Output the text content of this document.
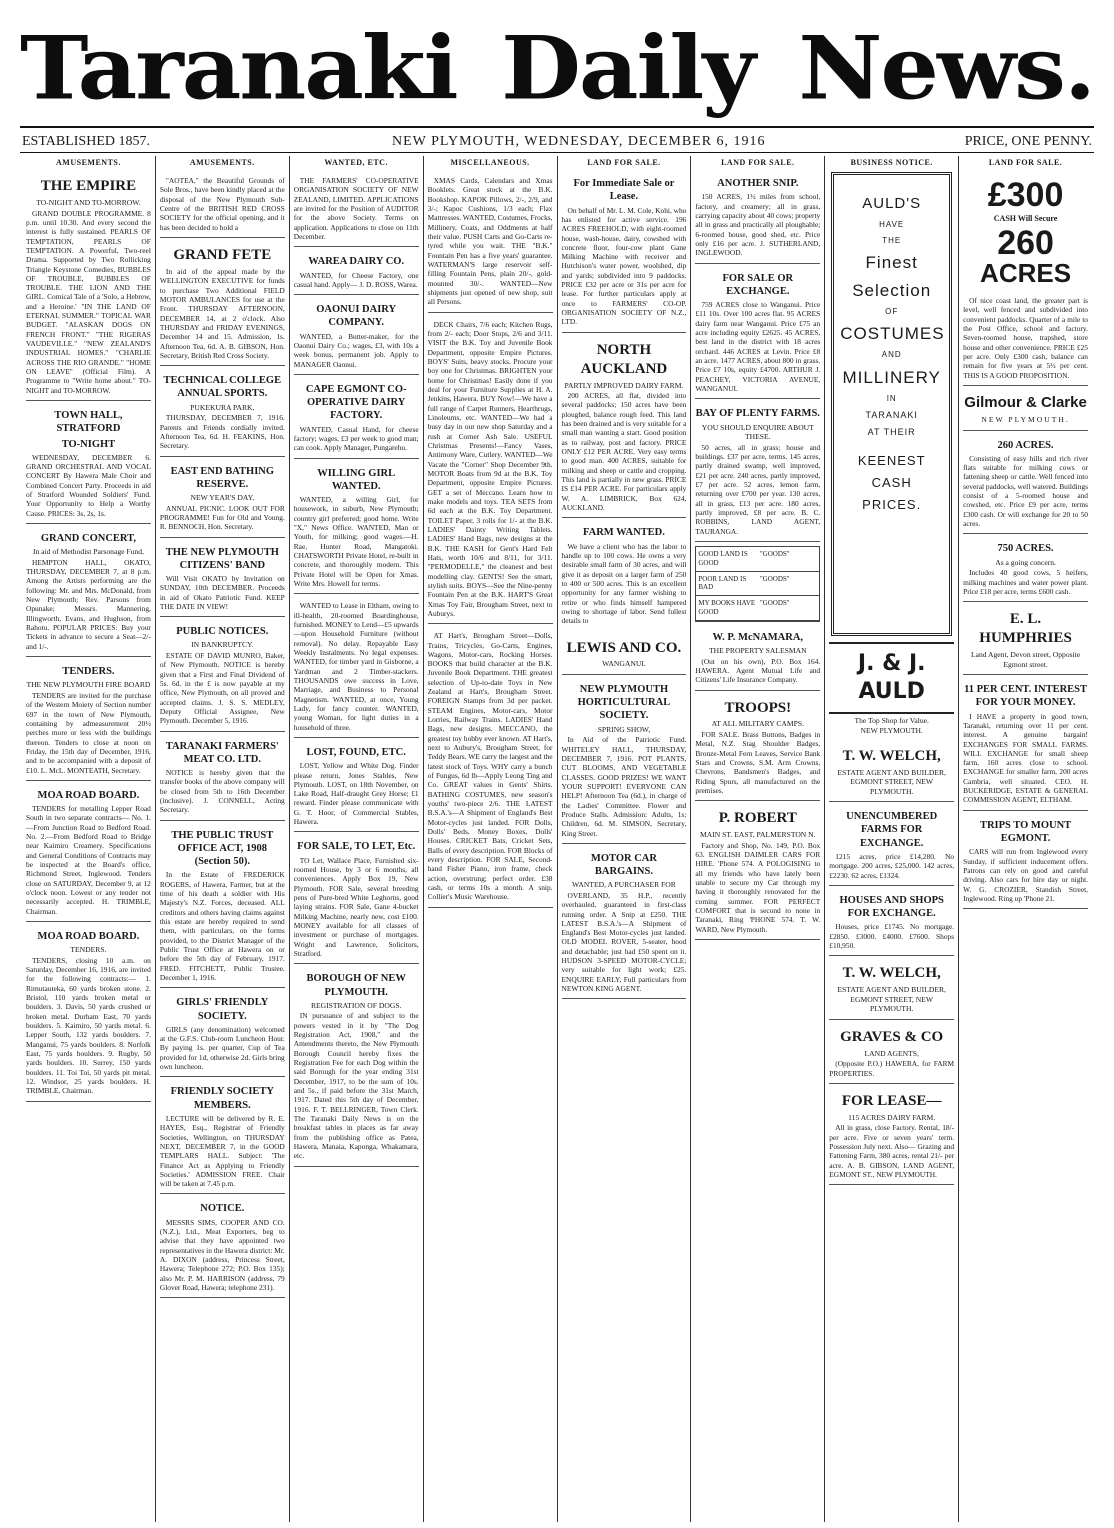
Taranaki Daily News.
ESTABLISHED 1857.	NEW PLYMOUTH, WEDNESDAY, DECEMBER 6, 1916	PRICE, ONE PENNY.
AMUSEMENTS.
THE EMPIRE
TO-NIGHT AND TO-MORROW.

GRAND DOUBLE PROGRAMME. 8 p.m. until 10.30. And every second the interest is fully sustained. PEARLS OF TEMPTATION, PEARLS OF TEMPTATION. A Powerful, Two-reel Drama. Supported by Two Rollicking Triangle Keystone Comedies, BUBBLES OF TROUBLE, BUBBLES OF TROUBLE. THE LION AND THE GIRL. Comical Tale of a 'Solo, a Hebrew, and a Heroine.' "IN THE LAND OF ETERNAL SUMMER." TOPICAL WAR BUDGET. "ALASKAN DOGS ON FRENCH FRONT." "THE RIGERAS VAUDEVILLE." "NEW ZEALAND'S INDUSTRIAL HOMES." "CHARLIE ACROSS THE RIO GRANDE." "HOME ON LEAVE" (Official Film). A Programme to "Write home about." TO-NIGHT and TO-MORROW.

TOWN HALL, STRATFORD
TO-NIGHT

WEDNESDAY, DECEMBER 6. GRAND ORCHESTRAL AND VOCAL CONCERT By Hawera Male Choir and Combined Concert Party. Proceeds in aid of Stratford Wounded Soldiers' Fund. Your Opportunity to Help a Worthy Cause. PRICES: 3s, 2s, 1s.

GRAND CONCERT,
In aid of Methodist Parsonage Fund,

HEMPTON HALL, OKATO, THURSDAY, DECEMBER 7, at 8 p.m. Among the Artists performing are the following: Mr. and Mrs. McDonald, from New Plymouth; Rev. Parsons from Opunake; Messrs. Mannering, Illingworth, Evans, and Hughson, from Rahotu. POPULAR PRICES: Buy your Tickets in advance to secure a Seat—2/- and 1/-.

TENDERS.
THE NEW PLYMOUTH FIRE BOARD

TENDERS are invited for the purchase of the Western Moiety of Section number 697 in the town of New Plymouth, containing by admeasurement 20½ perches more or less with the buildings thereon. Tenders to close at noon on Friday, the 15th day of December, 1916, and to be accompanied with a deposit of £10. L. McL. MONTEATH, Secretary.

MOA ROAD BOARD.

TENDERS for metalling Lepper Road South in two separate contracts— No. 1.—From Junction Road to Bedford Road. No. 2.—From Bedford Road to Bridge near Kaimiro Creamery. Specifications and General Conditions of Contracts may be inspected at the Board's office, Richmond Street, Inglewood. Tenders close on SATURDAY, December 9, at 12 o'clock noon. Lowest or any tender not necessarily accepted. H. TRIMBLE, Chairman.

MOA ROAD BOARD.
TENDERS.

TENDERS, closing 10 a.m. on Saturday, December 16, 1916, are invited for the following contracts:— 1. Rimutauteka, 60 yards broken stone. 2. Bristol, 110 yards broken metal or boulders. 3. Davis, 50 yards crushed or broken metal. Durham East, 70 yards boulders. 5. Kaimiro, 50 yards metal. 6. Lepper South, 132 yards boulders. 7. Manganui, 75 yards boulders. 8. Norfolk East, 75 yards boulders. 9. Rugby, 50 yards boulders. 10. Surrey, 150 yards boulders. 11. Toi Toi, 50 yards pit metal. 12. Windsor, 25 yards boulders. H. TRIMBLE, Chairman.

AMUSEMENTS.

"AOTEA," the Beautiful Grounds of Sole Bros., have been kindly placed at the disposal of the New Plymouth Sub-Centre of the BRITISH RED CROSS SOCIETY for the official opening, and it has been decided to hold a

GRAND FETE

In aid of the appeal made by the WELLINGTON EXECUTIVE for funds to purchase Two Additional FIELD MOTOR AMBULANCES for use at the Front. THURSDAY AFTERNOON, DECEMBER 14, at 2 o'clock. Also THURSDAY and FRIDAY EVENINGS, December 14 and 15. Admission, 1s. Afternoon Tea, 6d. A. B. GIBSON, Hon. Secretary, British Red Cross Society.

TECHNICAL COLLEGE ANNUAL SPORTS.
PUKEKURA PARK,

THURSDAY, DECEMBER 7, 1916. Parents and Friends cordially invited. Afternoon Tea, 6d. H. FEAKINS, Hon. Secretary.

EAST END BATHING RESERVE.
NEW YEAR'S DAY,

ANNUAL PICNIC. LOOK OUT FOR PROGRAMME! Fun for Old and Young. R. BENNOCH, Hon. Secretary.

THE NEW PLYMOUTH CITIZENS' BAND

Will Visit OKATO by Invitation on SUNDAY, 10th DECEMBER. Proceeds in aid of Okato Patriotic Fund. KEEP THE DATE IN VIEW!

PUBLIC NOTICES.
IN BANKRUPTCY.

ESTATE OF DAVID MUNRO, Baker, of New Plymouth. NOTICE is hereby given that a First and Final Dividend of 5s. 6d. in the £ is now payable at my office, New Plymouth, on all proved and accepted claims. J. S. S. MEDLEY, Deputy Official Assignee, New Plymouth. December 5, 1916.

TARANAKI FARMERS' MEAT CO. LTD.

NOTICE is hereby given that the transfer books of the above company will be closed from 5th to 16th December (inclusive). J. CONNELL, Acting Secretary.

THE PUBLIC TRUST OFFICE ACT, 1908 (Section 50).

In the Estate of FREDERICK ROGERS, of Hawera, Farmer, but at the time of his death a soldier with His Majesty's N.Z. Forces, deceased. ALL creditors and others having claims against this estate are hereby required to send them, with particulars, on the forms provided, to the District Manager of the Public Trust Office at Hawera on or before the 5th day of February, 1917. FRED. FITCHETT, Public Trustee. December 1, 1916.

GIRLS' FRIENDLY SOCIETY.

GIRLS (any denomination) welcomed at the G.F.S. Club-room Luncheon Hour. By paying 1s. per quarter, Cup of Tea provided for 1d, otherwise 2d. Girls bring own luncheon.

FRIENDLY SOCIETY MEMBERS.

LECTURE will be delivered by R. E. HAYES, Esq., Registrar of Friendly Societies, Wellington, on THURSDAY NEXT, DECEMBER 7, in the GOOD TEMPLARS HALL. Subject: 'The Finance Act as Applying to Friendly Societies.' ADMISSION FREE. Chair will be taken at 7.45 p.m.

NOTICE.

MESSRS SIMS, COOPER AND CO. (N.Z.), Ltd., Meat Exporters, beg to advise that they have appointed two representatives in the Hawera district: Mr. A. DIXON (address, Princess Street, Hawera; Telephone 272; P.O. Box 135); also Mr. P. M. HARRISON (address, 79 Glover Road, Hawera; telephone 231).

WANTED, ETC.

THE FARMERS' CO-OPERATIVE ORGANISATION SOCIETY OF NEW ZEALAND, LIMITED. APPLICATIONS are invited for the Position of AUDITOR for the above Society. Terms on application. Applications to close on 11th December.

WAREA DAIRY CO.

WANTED, for Cheese Factory, one casual hand. Apply— J. D. ROSS, Warea.

OAONUI DAIRY COMPANY.

WANTED, a Butter-maker, for the Oaonui Dairy Co.; wages, £3, with 10s a week bonus, permanent job. Apply to MANAGER Oaonui.

CAPE EGMONT CO-OPERATIVE DAIRY FACTORY.

WANTED, Casual Hand, for cheese factory; wages, £3 per week to good man; can cook. Apply Manager, Pungarehu.

WILLING GIRL WANTED.

WANTED, a willing Girl, for housework, in suburb, New Plymouth; country girl preferred; good home. Write "X," News Office. WANTED, Man or Youth, for milking; good wages.—H. Rae, Hunter Road, Mangatoki. CHATSWORTH Private Hotel, re-built in concrete, and thoroughly modern. This Private Hotel will be Open for Xmas. Write Mrs. Howell for terms.

WANTED to Lease in Eltham, owing to ill-health, 20-roomed Boardinghouse, furnished. MONEY to Lend—£5 upwards—upon Household Furniture (without removal). No delay. Repayable Easy Weekly Instalments. No legal expenses. WANTED, for timber yard in Gisborne, a Yardman and 2 Timber-stackers. THOUSANDS owe success in Love, Marriage, and Business to Personal Magnetism. WANTED, at once, Young Lady, for fancy counter. WANTED, young Woman, for light duties in a household of three.

LOST, FOUND, ETC.

LOST, Yellow and White Dog. Finder please return, Jones Stables, New Plymouth. LOST, on 18th November, on Lake Road, Half-draught Grey Horse; £1 reward. Finder please communicate with G. T. Hoor, of Commercial Stables, Hawera.

FOR SALE, TO LET, Etc.

TO Let, Wallace Place, Furnished six-roomed House, by 3 or 6 months, all conveniences. Apply Box 19, New Plymouth. FOR Sale, several breeding pens of Pure-bred White Leghorns, good laying strains. FOR Sale, Gane 4-bucket Milking Machine, nearly new, cost £100. MONEY available for all classes of investment or purchase of mortgages. Wright and Lawrence, Solicitors, Stratford.

BOROUGH OF NEW PLYMOUTH.
REGISTRATION OF DOGS.

IN pursuance of and subject to the powers vested in it by "The Dog Registration Act, 1908," and the Amendments thereto, the New Plymouth Borough Council hereby fixes the Registration Fee for each Dog within the said Borough for the year ending 31st December, 1917, to be the sum of 10s. and 5s., if paid before the 31st March, 1917. Dated this 5th day of December, 1916. F. T. BELLRINGER, Town Clerk. The Taranaki Daily News is on the breakfast tables in places as far away from the publishing office as Patea, Hawera, Manaia, Kaponga, Whakamara, etc.

MISCELLANEOUS.

XMAS Cards, Calendars and Xmas Booklets. Great stock at the B.K. Bookshop. KAPOK Pillows, 2/-, 2/9, and 3/-; Kapoc Cushions, 1/3 each; Flax Mattresses. WANTED, Costumes, Frocks, Millinery, Coats, and Oddments at half their value. PUSH Carts and Go-Carts re-tyred while you wait. THE "B.K." Fountain Pen has a five years' guarantee. WATERMAN'S large reservoir self-filling Fountain Pens, plain 20/-, gold-mounted 30/-. WANTED—New shipments just opened of new shop, suit all Persons.

DECK Chairs, 7/6 each; Kitchen Rugs, from 2/- each; Door Stops, 2/6 and 3/11. VISIT the B.K. Toy and Juvenile Book Department, opposite Empire Pictures. BOYS' Suits, heavy stocks. Procure your boy one for Christmas. BRIGHTEN your home for Christmas! Easily done if you deal for your Furniture Supplies at H. A. Jenkins, Hawera. BUY Now!—We have a full range of Carpet Runners, Hearthrugs, Linoleums, etc. WANTED—We had a busy day in our new shop Saturday and a rush at Corner Ash Sale. USEFUL Christmas Presents!—Fancy Vases, Antimony Ware, Cutlery. WANTED—We Vacate the "Corner" Shop December 9th. MOTOR Boats from 9d at the B.K. Toy Department, opposite Empire Pictures. GET a set of Meccano. Learn how to make models and toys. TEA SETS from 6d each at the B.K. Toy Department. TOILET Paper, 3 rolls for 1/- at the B.K. LADIES' Dainty Writing Tablets. LADIES' Hand Bags, new designs at the B.K. THE KASH for Gent's Hard Felt Hats, worth 10/6 and 8/11, for 3/11. "PERMODELLE," the cleanest and best modelling clay. GENTS! See the smart, stylish suits. BOYS—See the Nine-penny Fountain Pen at the B.K. HART'S Great Xmas Toy Fair, Brougham Street, next to Auburys.

AT Hart's, Brougham Street—Dolls, Trains, Tricycles, Go-Carts, Engines, Wagons, Motor-cars, Rocking Horses. BOOKS that build character at the B.K. Juvenile Book Department. THE greatest selection of Up-to-date Toys in New Zealand at Hart's, Brougham Street. FOREIGN Stamps from 3d per packet. STEAM Engines, Motor-cars, Motor Lorries, Railway Trains. LADIES' Hand Bags, new designs. MECCANO, the greatest toy hobby ever known. AT Hart's, next to Aubury's, Brougham Street, for Teddy Bears. WE carry the largest and the latest stock of Toys. WHY carry a bunch of Fungus, 6d lb—Apply Leong Ting and Co. GREAT values in Gents' Shirts. BATHING COSTUMES, new season's youths' two-piece 2/6. THE LATEST B.S.A.'s—A Shipment of England's Best Motor-cycles just landed. FOR Dolls, Dolls' Beds, Money Boxes, Dolls' Houses. CRICKET Bats, Cricket Sets, Balls of every description. FOR Blocks of every description. FOR SALE, Second-hand Fisher Piano, iron frame, check action, overstrung; perfect order. £38 cash, or terms 10s a month. A snip. Collier's Music Warehouse.

LAND FOR SALE.
For Immediate Sale or Lease.

On behalf of Mr. L. M. Cole, Kohi, who has enlisted for active service. 196 ACRES FREEHOLD, with eight-roomed house, wash-house, dairy, cowshed with concrete floor, four-cow plant Gane Milking Machine with receiver and Hutchison's water power, woolshed, dip and yards; subdivided into 9 paddocks. PRICE £32 per acre or 31s per acre for lease. For further particulars apply at once to FARMERS' CO-OP. ORGANISATION SOCIETY OF N.Z., LTD.

NORTH AUCKLAND
PARTLY IMPROVED DAIRY FARM.

200 ACRES, all flat, divided into several paddocks; 150 acres have been ploughed, balance rough feed. This land has been drained and is very suitable for a small man wanting a start. Good position as to railway, post and factory. PRICE ONLY £12 PER ACRE. Very easy terms to good man. 400 ACRES, suitable for milking and sheep or cattle and cropping. This land is partially in new grass. PRICE IS £14 PER ACRE. For particulars apply W. A. LIMBRICK, Box 624, AUCKLAND.

FARM WANTED.

We have a client who has the labor to handle up to 100 cows. He owns a very desirable small farm of 30 acres, and will give it as deposit on a larger farm of 250 to 400 or 500 acres. This is an excellent opportunity for any farmer wishing to retire or who finds himself hampered owing to shortage of labor. Send fullest details to

LEWIS AND CO.
WANGANUI.
NEW PLYMOUTH HORTICULTURAL SOCIETY.
SPRING SHOW,

In Aid of the Patriotic Fund. WHITELEY HALL, THURSDAY, DECEMBER 7, 1916. POT PLANTS, CUT BLOOMS, AND VEGETABLE CLASSES. GOOD PRIZES! WE WANT YOUR SUPPORT! EVERYONE CAN HELP! Afternoon Tea (6d.), in charge of the Ladies' Committee. Flower and Produce Stalls. Admission: Adults, 1s; Children, 6d. M. SIMSON, Secretary, King Street.

MOTOR CAR BARGAINS.
WANTED, A PURCHASER FOR

OVERLAND, 35 H.P., recently overhauled, guaranteed in first-class running order. A Snip at £250. THE LATEST B.S.A.'s—A Shipment of England's Best Motor-cycles just landed. OLD MODEL ROVER, 5-seater, hood and detachable; just had £50 spent on it. HUDSON 3-SPEED MOTOR-CYCLE; very suitable for light work; £25. ENQUIRE EARLY, Full particulars from NEWTON KING AGENT.

LAND FOR SALE.
ANOTHER SNIP.

150 ACRES, 1½ miles from school, factory, and creamery; all in grass, carrying capacity about 40 cows; property all in grass and practically all ploughable; 6-roomed house, good shed, etc. Price only £16 per acre. J. SUTHERLAND, INGLEWOOD.

FOR SALE OR EXCHANGE.

759 ACRES close to Wanganui. Price £11 10s. Over 100 acres flat. 95 ACRES dairy farm near Wanganui. Price £75 an acre including equity £2625. 45 ACRES, best land in the district with 18 acres orchard. 446 ACRES at Levin. Price £8 an acre. 1477 ACRES, about 800 in grass. Price £7 10s, equity £4700. ARTHUR J. PEACHEY, VICTORIA AVENUE, WANGANUI.

BAY OF PLENTY FARMS.
YOU SHOULD ENQUIRE ABOUT THESE.

50 acres, all in grass; house and buildings. £37 per acre, terms. 145 acres, partly drained swamp, well improved, £21 per acre. 240 acres, partly improved, £7 per acre. 52 acres, lemon farm, returning over £700 per year. 130 acres, all in grass, £13 per acre. 180 acres, partly improved, £8 per acre. B. C. ROBBINS, LAND AGENT, TAURANGA.

GOOD LAND IS GOOD
"GOODS"
POOR LAND IS BAD
"GOODS"
MY BOOKS HAVE GOOD
"GOODS"
W. P. McNAMARA,
THE PROPERTY SALESMAN

(Out on his own), P.O. Box 164. HAWERA. Agent Mutual Life and Citizens' Life Insurance Company.

TROOPS!
AT ALL MILITARY CAMPS.

FOR SALE. Brass Buttons, Badges in Metal, N.Z. Stag Shoulder Badges, Bronze-Metal Fern Leaves, Service Bank Stars and Crowns, S.M. Arm Crowns, Chevrons, Bandsmen's Badges, and Riding Spurs, all manufactured on the premises.

P. ROBERT
MAIN ST. EAST, PALMERSTON N.

Factory and Shop, No. 149, P.O. Box 63. ENGLISH DAIMLER CARS FOR HIRE. 'Phone 574. A POLOGISING to all my friends who have lately been unable to secure my Car through my having it thoroughly renovated for the coming summer. FOR PERFECT COMFORT that is second to none in Taranaki, Ring 'PHONE 574. T. W. WARD, New Plymouth.

BUSINESS NOTICE.
AULD'S
HAVE
THE
Finest
Selection
OF
COSTUMES
AND
MILLINERY
IN
TARANAKI
AT THEIR
KEENEST
CASH
PRICES.
J. & J. AULD
The Top Shop for Value.
NEW PLYMOUTH.
T. W. WELCH,
ESTATE AGENT AND BUILDER, EGMONT STREET, NEW PLYMOUTH.
UNENCUMBERED FARMS FOR EXCHANGE.

1215 acres, price £14,280. No mortgage. 200 acres, £25,000. 142 acres, £2230. 62 acres, £1324.

HOUSES AND SHOPS FOR EXCHANGE.

Houses, price £1745. No mortgage. £2850. £3000. £4000. £7600. Shops £10,950.

T. W. WELCH,
ESTATE AGENT AND BUILDER, EGMONT STREET, NEW PLYMOUTH.
GRAVES & CO
LAND AGENTS,

(Opposite P.O.) HAWERA, for FARM PROPERTIES.

FOR LEASE—
115 ACRES DAIRY FARM.

All in grass, close Factory. Rental, 18/- per acre. Five or seven years' term. Possession July next. Also— Grazing and Fattening Farm, 380 acres, rental 21/- per acre. A. B. GIBSON, LAND AGENT, EGMONT ST., NEW PLYMOUTH.

LAND FOR SALE.
£300
CASH Will Secure
260
ACRES

Of nice coast land, the greater part is level, well fenced and subdivided into convenient paddocks. Quarter of a mile to the Post Office, school and factory. Seven-roomed house, trapshed, store house and other convenience. PRICE £25 per acre. Only £300 cash, balance can remain for five years at 5½ per cent. THIS IS A GOOD PROPOSITION.

Gilmour & Clarke
NEW PLYMOUTH.
260 ACRES.

Consisting of easy hills and rich river flats suitable for milking cows or fattening sheep or cattle. Well fenced into several paddocks, well watered. Buildings consist of a 5-roomed house and cowshed, etc. Price £9 per acre, terms £300 cash. Or will exchange for 20 to 50 acres.

750 ACRES.
As a going concern.

Includes 40 good cows, 5 heifers, milking machines and water power plant. Price £18 per acre, terms £600 cash.

E. L. HUMPHRIES
Land Agent, Devon street, Opposite Egmont street.
11 PER CENT. INTEREST FOR YOUR MONEY.

I HAVE a property in good town, Taranaki, returning over 11 per cent. interest. A genuine bargain! EXCHANGES FOR SMALL FARMS. WILL EXCHANGE for small sheep farm, 160 acres close to school. EXCHANGE for smaller farm, 200 acres Cambria, well situated. CEO. H. BUCKERIDGE, ESTATE & GENERAL COMMISSION AGENT, ELTHAM.

TRIPS TO MOUNT EGMONT.

CARS will run from Inglewood every Sunday, if sufficient inducement offers. Patrons can rely on good and careful driving. Also cars for hire day or night. W. G. CROZIER, Standish Street, Inglewood. Ring up 'Phone 21.
